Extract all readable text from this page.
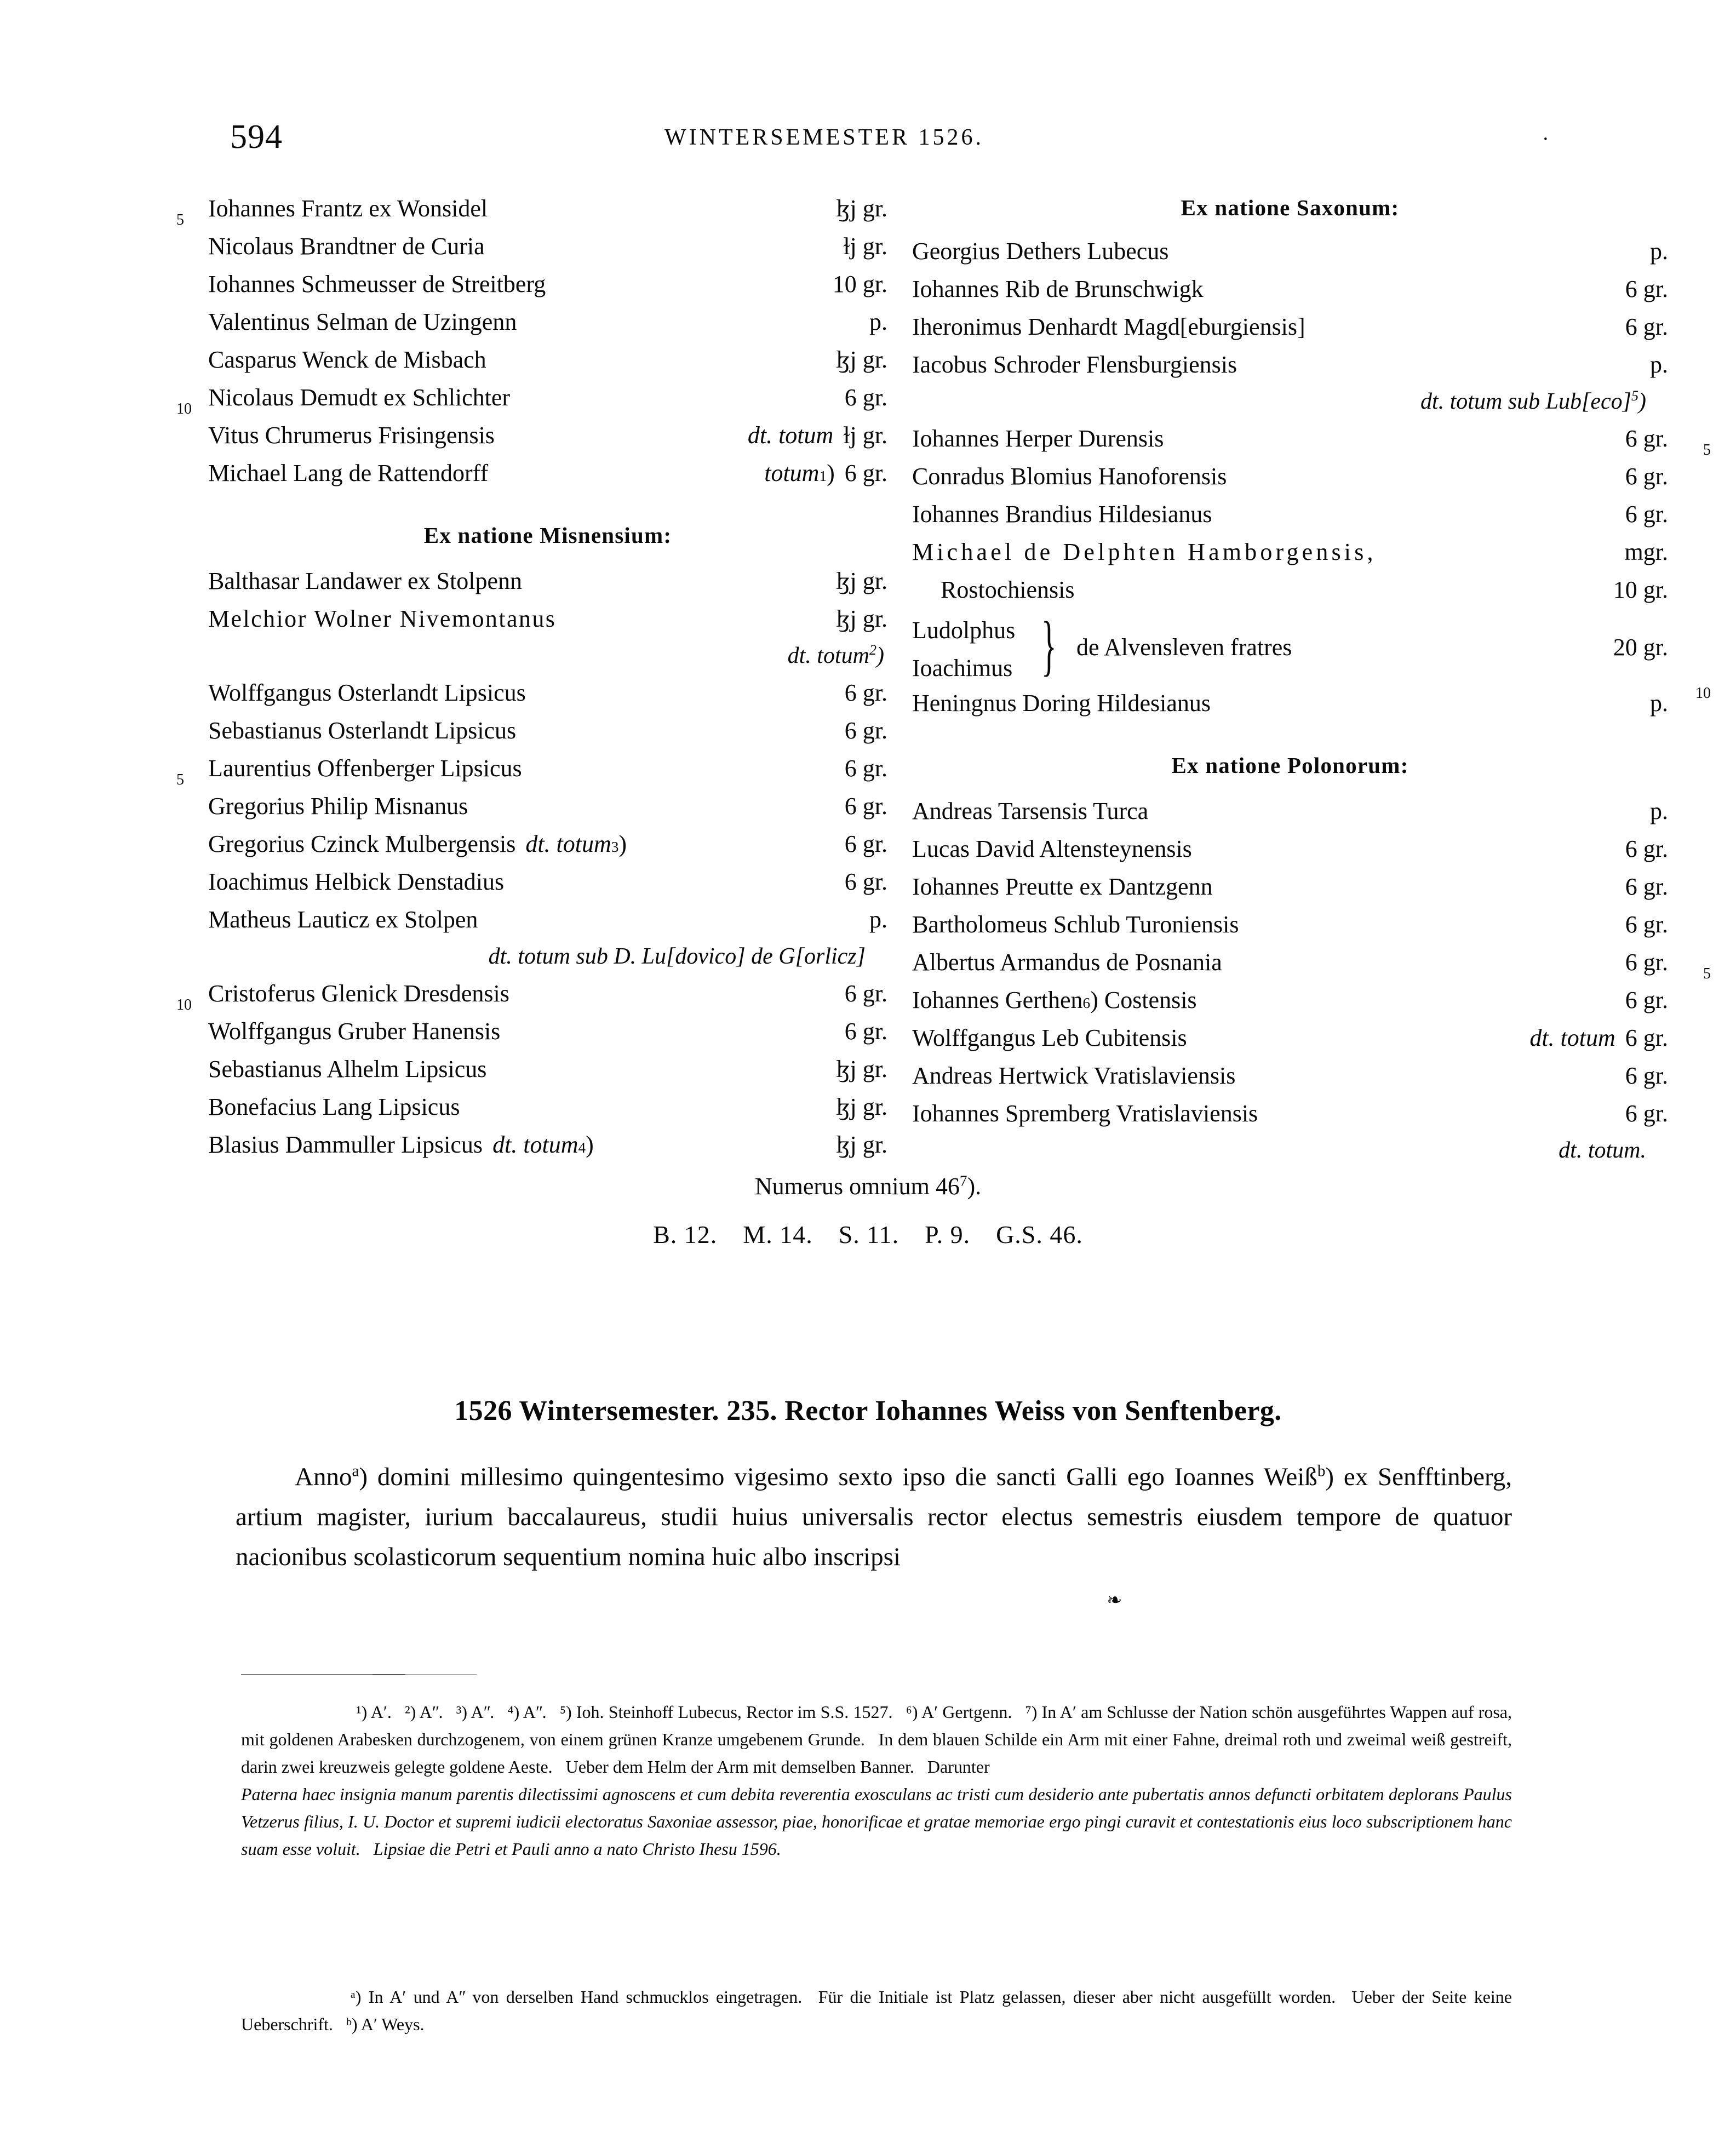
594	WINTERSEMESTER 1526.	·
5 Iohannes Frantz ex Wonsidel	ɮj gr.
Nicolaus Brandtner de Curia	ɫj gr.
Iohannes Schmeusser de Streitberg	10 gr.
Valentinus Selman de Uzingenn	p.
Casparus Wenck de Misbach	ɮj gr.
10 Nicolaus Demudt ex Schlichter	6 gr.
Vitus Chrumerus Frisingensis	dt. totum ɫj gr.
Michael Lang de Rattendorff	totum 1 ) 6 gr.
Ex natione Misnensium:
Balthasar Landawer ex Stolpenn	ɮj gr.
Melchior Wolner Nivemontanus	ɮj gr.
dt. totum$^2$)
Wolffgangus Osterlandt Lipsicus	6 gr.
Sebastianus Osterlandt Lipsicus	6 gr.
5 Laurentius Offenberger Lipsicus	6 gr.
Gregorius Philip Misnanus	6 gr.
Gregorius Czinck Mulbergensis dt. totum 3 )	6 gr.
Ioachimus Helbick Denstadius	6 gr.
Matheus Lauticz ex Stolpen	p.
dt. totum sub D. Lu[dovico] de G[orlicz]
10 Cristoferus Glenick Dresdensis	6 gr.
Wolffgangus Gruber Hanensis	6 gr.
Sebastianus Alhelm Lipsicus	ɮj gr.
Bonefacius Lang Lipsicus	ɮj gr.
Blasius Dammuller Lipsicus dt. totum 4 )	ɮj gr.
Ex natione Saxonum:
Georgius Dethers Lubecus	p.
Iohannes Rib de Brunschwigk	6 gr.
Iheronimus Denhardt Magd[eburgiensis]	6 gr.
Iacobus Schroder Flensburgiensis	p.
dt. totum sub Lub[eco]$^5$)
5
Iohannes Herper Durensis	6 gr.
Conradus Blomius Hanoforensis	6 gr.
Iohannes Brandius Hildesianus	6 gr.
Michael de Delphten Hamborgensis,	mgr.
Rostochiensis	10 gr.
10
Ludolphus
Ioachimus } de Alvensleven fratres	20 gr.
Heningnus Doring Hildesianus	p.
Ex natione Polonorum:
Andreas Tarsensis Turca	p.
Lucas David Altensteynensis	6 gr.
Iohannes Preutte ex Dantzgenn	6 gr.
Bartholomeus Schlub Turoniensis	6 gr.
5
Albertus Armandus de Posnania	6 gr.
Iohannes Gerthen 6 ) Costensis	6 gr.
Wolffgangus Leb Cubitensis	dt. totum 6 gr.
Andreas Hertwick Vratislaviensis	6 gr.
Iohannes Spremberg Vratislaviensis	6 gr.
dt. totum.
Numerus omnium $46^7$).
B. 12. M. 14. S. 11. P. 9. G.S. 46.
1526 Wintersemester. 235. Rector Iohannes Weiss von Senftenberg.

Anno$^a$) domini millesimo quingentesimo vigesimo sexto ipso die sancti Galli ego Ioannes Weiß$^b$) ex Senfftinberg, artium magister, iurium baccalaureus, studii huius universalis rector electus semestris eiusdem tempore de quatuor nacionibus scolasticorum sequentium nomina huic albo inscripsi

❧
¹) Aʹ.  ²) Aʺ.  ³) Aʺ.  ⁴) Aʺ.  ⁵) Ioh. Steinhoff Lubecus, Rector im S.S. 1527.  ⁶) Aʹ Gertgenn.  ⁷) In Aʹ am Schlusse der Nation schön ausgeführtes Wappen auf rosa, mit goldenen Arabesken durchzogenem, von einem grünen Kranze umgebenem Grunde.  In dem blauen Schilde ein Arm mit einer Fahne, dreimal roth und zweimal weiß gestreift, darin zwei kreuzweis gelegte goldene Aeste.  Ueber dem Helm der Arm mit demselben Banner.  Darunter
Paterna haec insignia manum parentis dilectissimi agnoscens et cum debita reverentia exosculans ac tristi cum desiderio ante pubertatis annos defuncti orbitatem deplorans Paulus Vetzerus filius, I. U. Doctor et supremi iudicii electoratus Saxoniae assessor, piae, honorificae et gratae memoriae ergo pingi curavit et contestationis eius loco subscriptionem hanc suam esse voluit.  Lipsiae die Petri et Pauli anno a nato Christo Ihesu 1596.

ᵃ) In Aʹ und Aʺ von derselben Hand schmucklos eingetragen.  Für die Initiale ist Platz gelassen, dieser aber nicht ausgefüllt worden.  Ueber der Seite keine Ueberschrift.  ᵇ) Aʹ Weys.
